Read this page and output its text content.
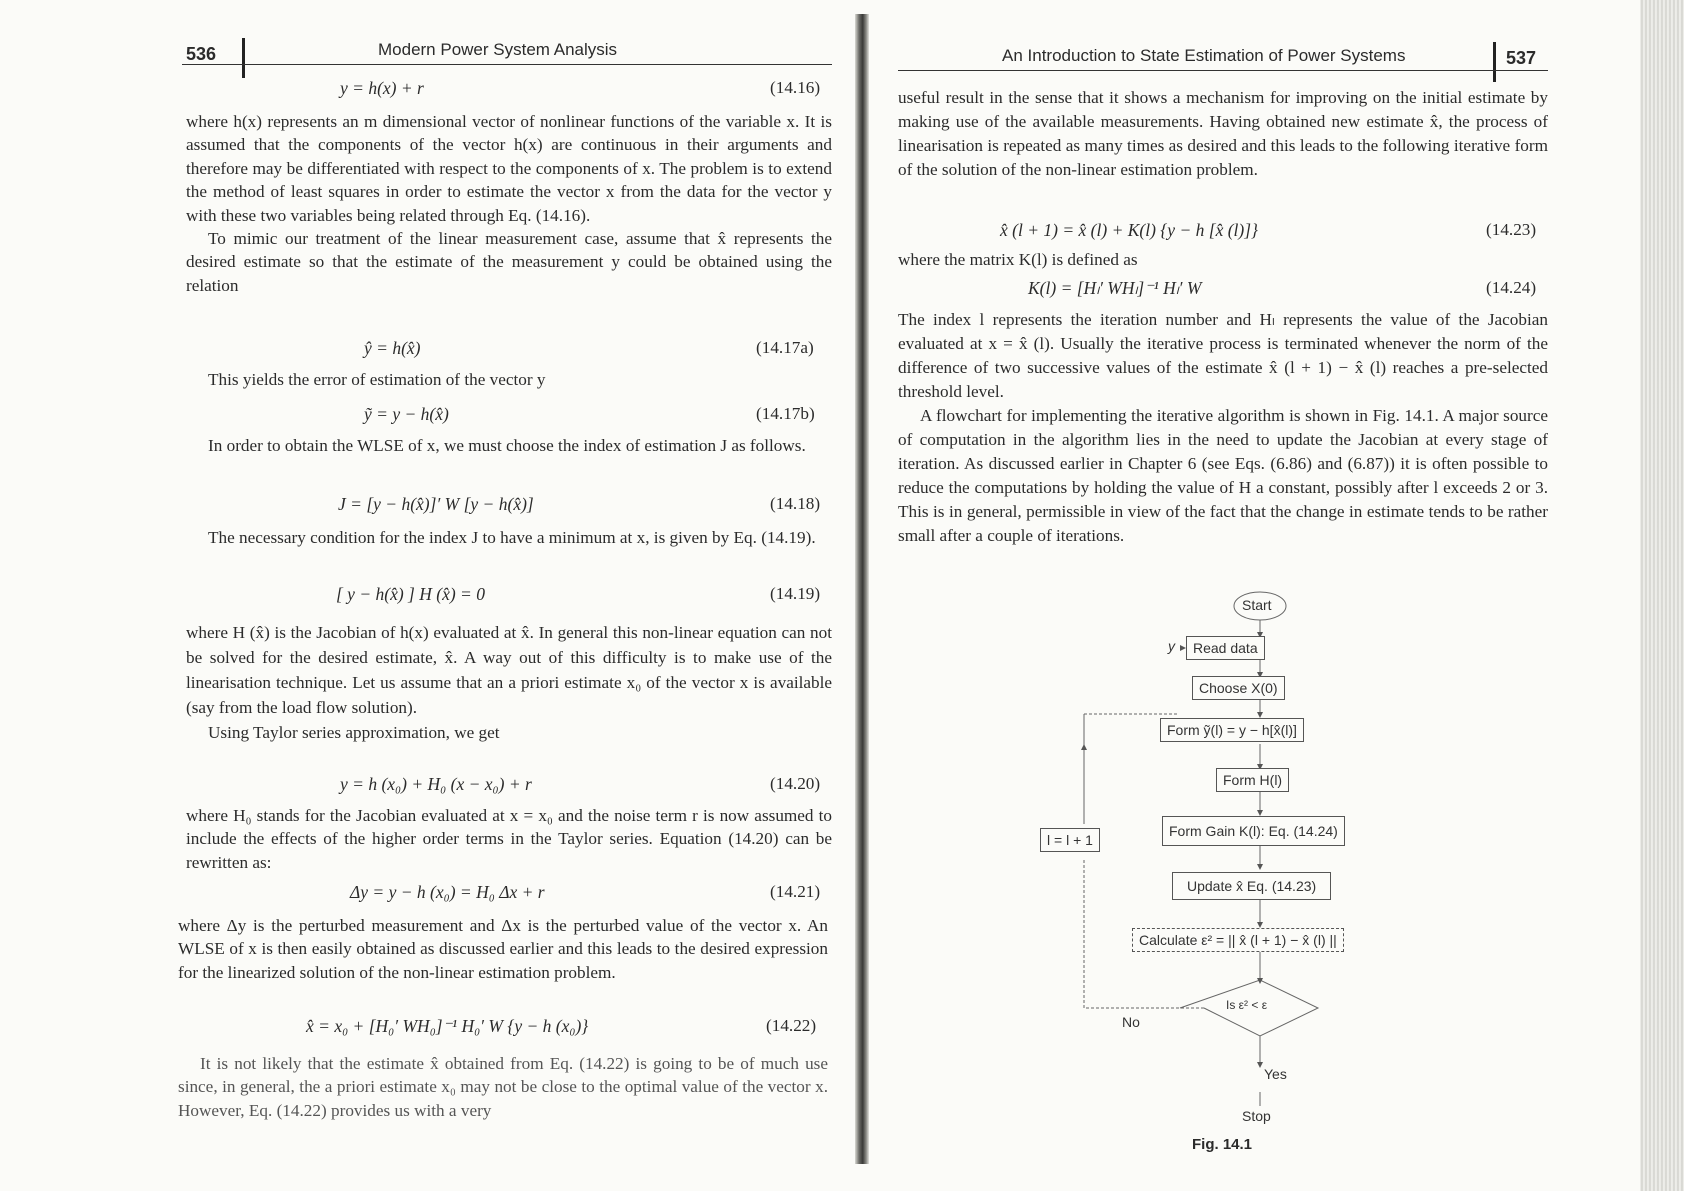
536	Modern Power System Analysis
y = h(x) + r	(14.16)

where h(x) represents an m dimensional vector of nonlinear functions of the variable x. It is assumed that the components of the vector h(x) are continuous in their arguments and therefore may be differentiated with respect to the components of x. The problem is to extend the method of least squares in order to estimate the vector x from the data for the vector y with these two variables being related through Eq. (14.16).

To mimic our treatment of the linear measurement case, assume that x̂ represents the desired estimate so that the estimate of the measurement y could be obtained using the relation

ŷ = h(x̂)	(14.17a)
This yields the error of estimation of the vector y
ỹ = y − h(x̂)	(14.17b)
In order to obtain the WLSE of x, we must choose the index of estimation J as follows.
J = [y − h(x̂)]′ W [y − h(x̂)]	(14.18)
The necessary condition for the index J to have a minimum at x, is given by Eq. (14.19).
[ y − h(x̂) ] H (x̂) = 0	(14.19)

where H (x̂) is the Jacobian of h(x) evaluated at x̂. In general this non-linear equation can not be solved for the desired estimate, x̂. A way out of this difficulty is to make use of the linearisation technique. Let us assume that an a priori estimate x₀ of the vector x is available (say from the load flow solution).

Using Taylor series approximation, we get

y = h (x₀) + H₀ (x − x₀) + r	(14.20)
where H₀ stands for the Jacobian evaluated at x = x₀ and the noise term r is now assumed to include the effects of the higher order terms in the Taylor series. Equation (14.20) can be rewritten as:
Δy = y − h (x₀) = H₀ Δx + r	(14.21)
where Δy is the perturbed measurement and Δx is the perturbed value of the vector x. An WLSE of x is then easily obtained as discussed earlier and this leads to the desired expression for the linearized solution of the non-linear estimation problem.
x̂ = x₀ + [H₀′ WH₀]⁻¹ H₀′ W {y − h (x₀)}	(14.22)
It is not likely that the estimate x̂ obtained from Eq. (14.22) is going to be of much use since, in general, the a priori estimate x₀ may not be close to the optimal value of the vector x. However, Eq. (14.22) provides us with a very
An Introduction to State Estimation of Power Systems	537
useful result in the sense that it shows a mechanism for improving on the initial estimate by making use of the available measurements. Having obtained new estimate x̂, the process of linearisation is repeated as many times as desired and this leads to the following iterative form of the solution of the non-linear estimation problem.
x̂ (l + 1) = x̂ (l) + K(l) {y − h [x̂ (l)]}	(14.23)
where the matrix K(l) is defined as
K(l) = [Hₗ′ WHₗ]⁻¹ Hₗ′ W	(14.24)

The index l represents the iteration number and Hₗ represents the value of the Jacobian evaluated at x = x̂ (l). Usually the iterative process is terminated whenever the norm of the difference of two successive values of the estimate x̂ (l + 1) − x̂ (l) reaches a pre-selected threshold level.

A flowchart for implementing the iterative algorithm is shown in Fig. 14.1. A major source of computation in the algorithm lies in the need to update the Jacobian at every stage of iteration. As discussed earlier in Chapter 6 (see Eqs. (6.86) and (6.87)) it is often possible to reduce the computations by holding the value of H a constant, possibly after l exceeds 2 or 3. This is in general, permissible in view of the fact that the change in estimate tends to be rather small after a couple of iterations.

Start
y	Read data
Choose X(0)
Form ỹ(l) = y − h[x̂(l)]
Form H(l)
l = l + 1
Form Gain K(l): Eq. (14.24)
Update x̂ Eq. (14.23)
Calculate ε² = || x̂ (l + 1) − x̂ (l) ||
Is ε² < ε
No
Yes
Stop
Fig. 14.1
